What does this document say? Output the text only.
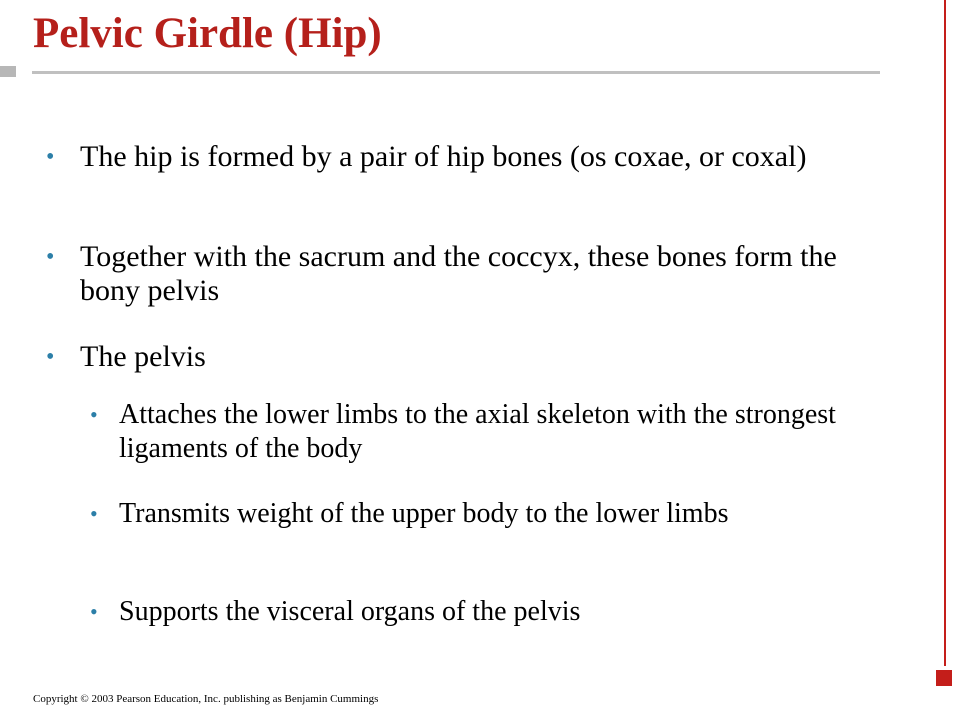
Pelvic Girdle (Hip)
• The hip is formed by a pair of hip bones (os coxae, or coxal)
• Together with the sacrum and the coccyx, these bones form the bony pelvis
• The pelvis
• Attaches the lower limbs to the axial skeleton with the strongest ligaments of the body
• Transmits weight of the upper body to the lower limbs
• Supports the visceral organs of the pelvis
Copyright © 2003 Pearson Education, Inc. publishing as Benjamin Cummings
